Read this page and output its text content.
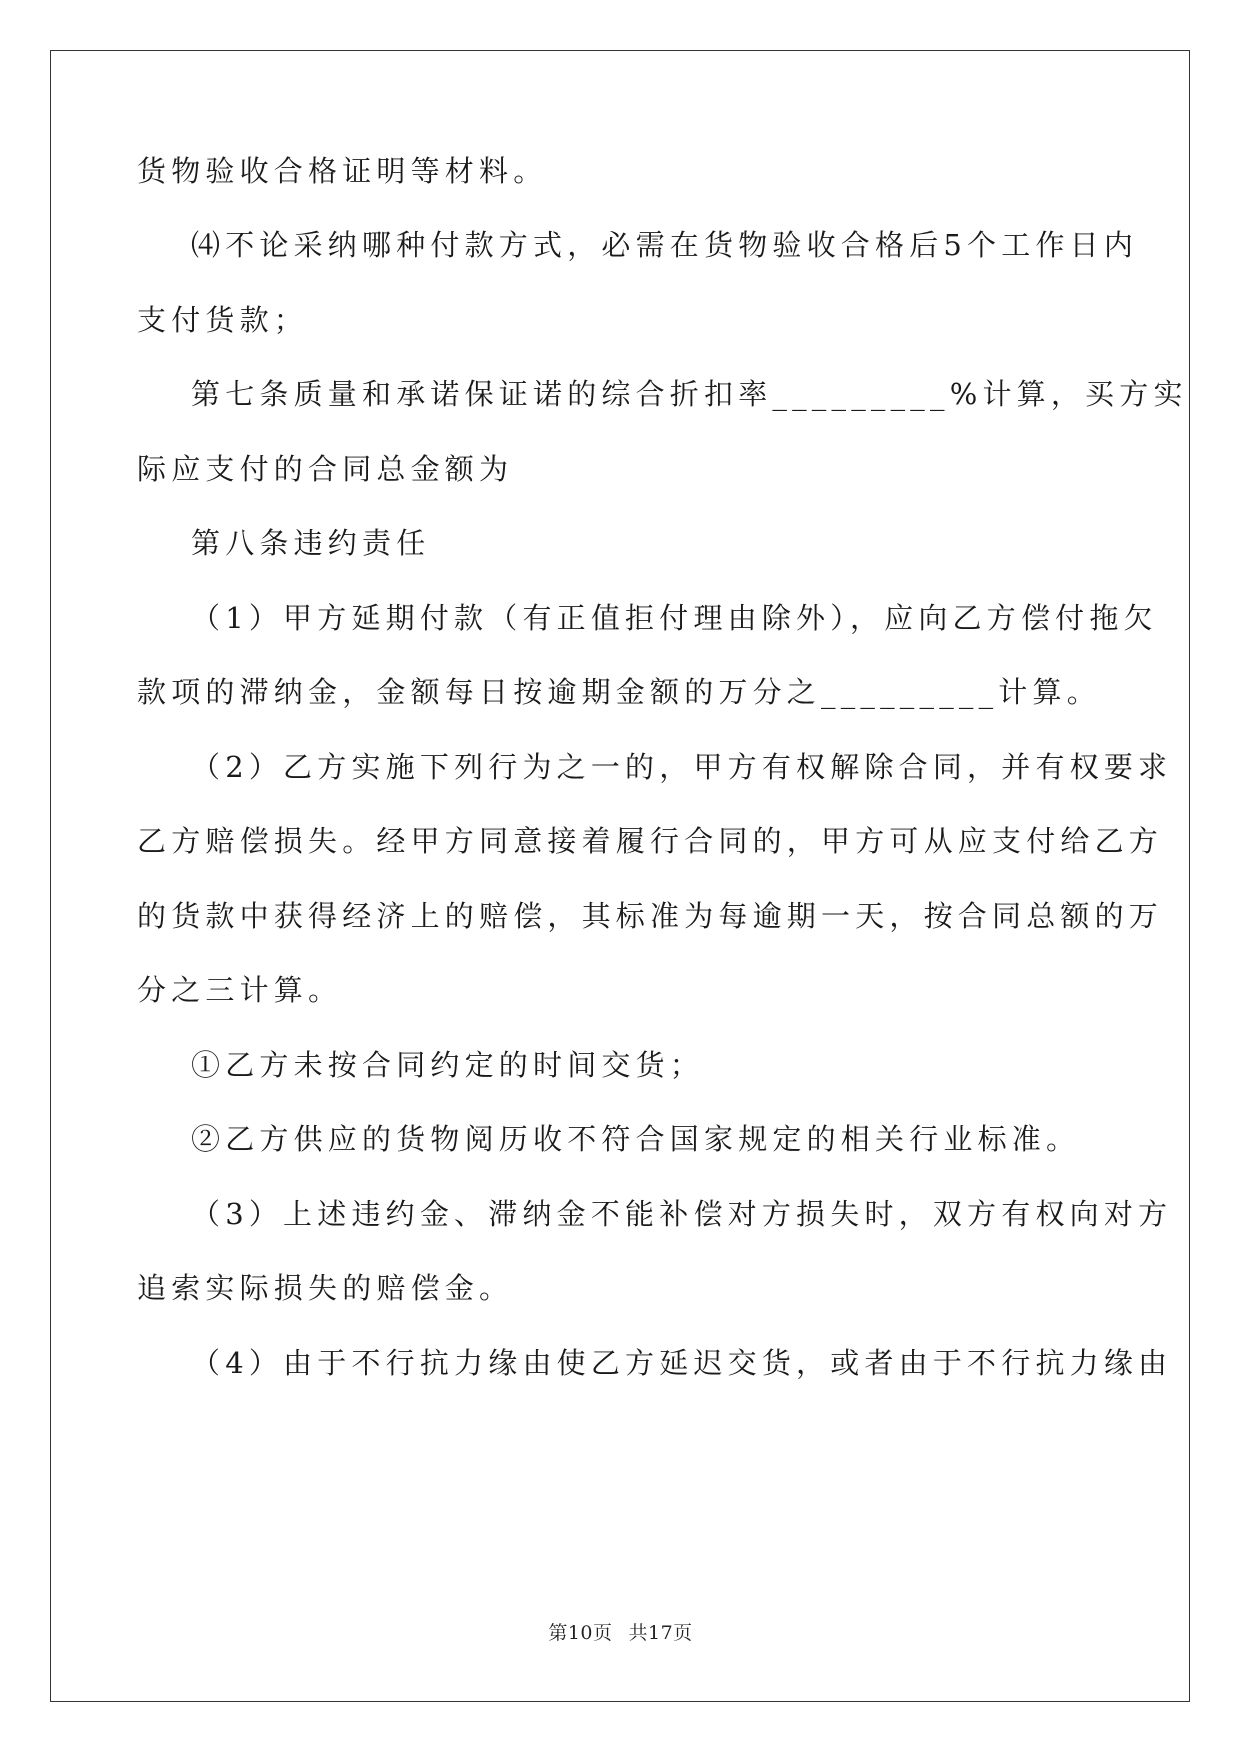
货物验收合格证明等材料。

⑷不论采纳哪种付款方式，必需在货物验收合格后5个工作日内

支付货款；

第七条质量和承诺保证诺的综合折扣率_________%计算，买方实

际应支付的合同总金额为

第八条违约责任

（1）甲方延期付款（有正值拒付理由除外），应向乙方偿付拖欠

款项的滞纳金，金额每日按逾期金额的万分之_________计算。

（2）乙方实施下列行为之一的，甲方有权解除合同，并有权要求

乙方赔偿损失。经甲方同意接着履行合同的，甲方可从应支付给乙方

的货款中获得经济上的赔偿，其标准为每逾期一天，按合同总额的万

分之三计算。

①乙方未按合同约定的时间交货；

②乙方供应的货物阅历收不符合国家规定的相关行业标准。

（3）上述违约金、滞纳金不能补偿对方损失时，双方有权向对方

追索实际损失的赔偿金。

（4）由于不行抗力缘由使乙方延迟交货，或者由于不行抗力缘由

第10页 共17页
